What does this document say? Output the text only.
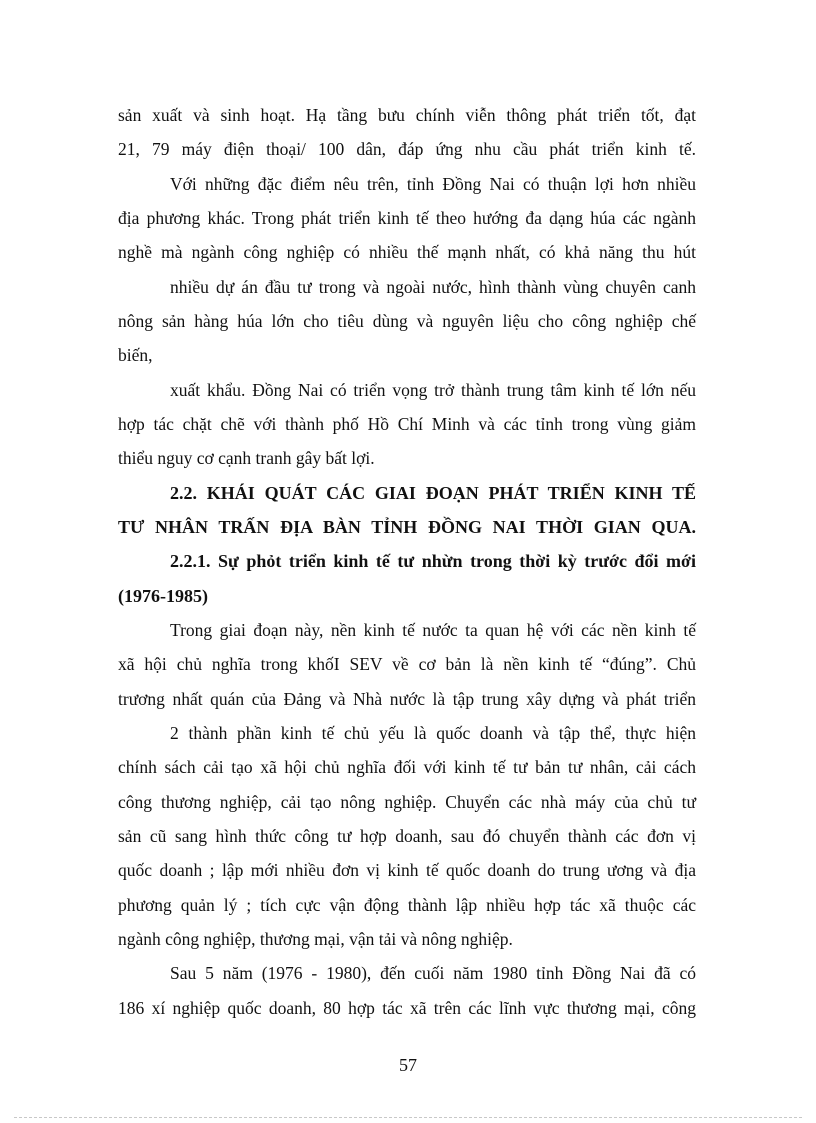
sản xuất và sinh hoạt. Hạ tầng bưu chính viễn thông phát triển tốt, đạt
21, 79 máy điện thoại/ 100 dân, đáp ứng nhu cầu phát triển kinh tế.
Với những đặc điểm nêu trên, tỉnh Đồng Nai có thuận lợi hơn nhiều
địa phương khác. Trong phát triển kinh tế theo hướng đa dạng húa các ngành
nghề mà ngành công nghiệp có nhiều thế mạnh nhất, có khả năng thu hút
nhiều dự án đầu tư trong và ngoài nước, hình thành vùng chuyên canh
nông sản hàng húa lớn cho tiêu dùng và nguyên liệu cho công nghiệp chế
biến,
xuất khẩu. Đồng Nai có triển vọng trở thành trung tâm kinh tế lớn nếu
hợp tác chặt chẽ với thành phố Hồ Chí Minh và các tỉnh trong vùng giảm
thiểu nguy cơ cạnh tranh gây bất lợi.
2.2. KHÁI QUÁT CÁC GIAI ĐOẠN PHÁT TRIỂN KINH TẾ
TƯ NHÂN TRẤN ĐỊA BÀN TỈNH ĐỒNG NAI THỜI GIAN QUA.
2.2.1. Sự phỏt triển kinh tế tư nhừn trong thời kỳ trước đổi mới
(1976-1985)
Trong giai đoạn này, nền kinh tế nước ta quan hệ với các nền kinh tế
xã hội chủ nghĩa trong khốI SEV về cơ bản là nền kinh tế “đúng”. Chủ
trương nhất quán của Đảng và Nhà nước là tập trung xây dựng và phát triển
2 thành phần kinh tế chủ yếu là quốc doanh và tập thể, thực hiện
chính sách cải tạo xã hội chủ nghĩa đối với kinh tế tư bản tư nhân, cải cách
công thương nghiệp, cải tạo nông nghiệp. Chuyển các nhà máy của chủ tư
sản cũ sang hình thức công tư hợp doanh, sau đó chuyển thành các đơn vị
quốc doanh ; lập mới nhiều đơn vị kinh tế quốc doanh do trung ương và địa
phương quản lý ; tích cực vận động thành lập nhiều hợp tác xã thuộc các
ngành công nghiệp, thương mại, vận tải và nông nghiệp.
Sau 5 năm (1976 - 1980), đến cuối năm 1980 tỉnh Đồng Nai đã có
186 xí nghiệp quốc doanh, 80 hợp tác xã trên các lĩnh vực thương mại, công
57
